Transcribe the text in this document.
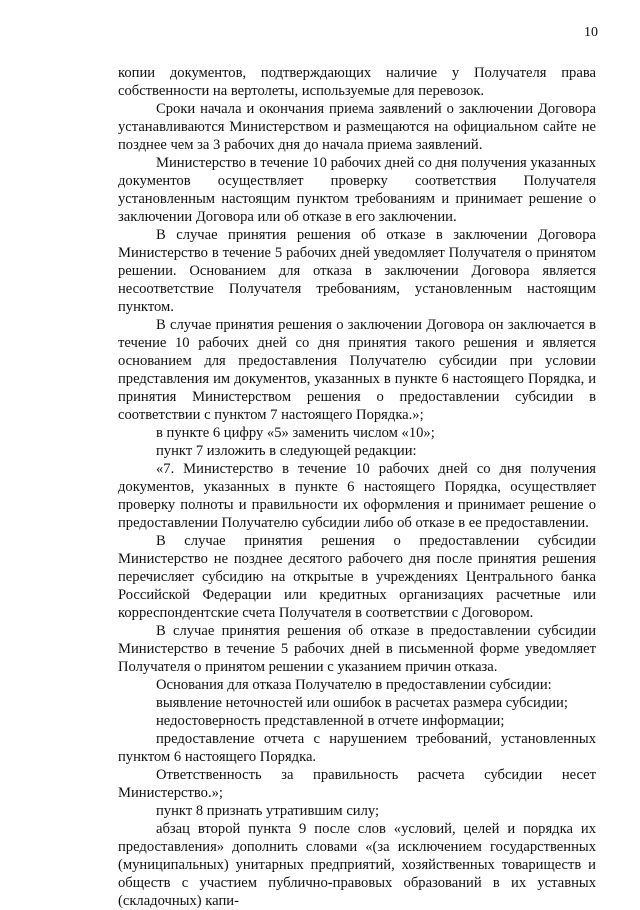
10

копии документов, подтверждающих наличие у Получателя права собственности на вертолеты, используемые для перевозок.

Сроки начала и окончания приема заявлений о заключении Договора устанавливаются Министерством и размещаются на официальном сайте не позднее чем за 3 рабочих дня до начала приема заявлений.

Министерство в течение 10 рабочих дней со дня получения указанных документов осуществляет проверку соответствия Получателя установленным настоящим пунктом требованиям и принимает решение о заключении Договора или об отказе в его заключении.

В случае принятия решения об отказе в заключении Договора Министерство в течение 5 рабочих дней уведомляет Получателя о принятом решении. Основанием для отказа в заключении Договора является несоответствие Получателя требованиям, установленным настоящим пунктом.

В случае принятия решения о заключении Договора он заключается в течение 10 рабочих дней со дня принятия такого решения и является основанием для предоставления Получателю субсидии при условии представления им документов, указанных в пункте 6 настоящего Порядка, и принятия Министерством решения о предоставлении субсидии в соответствии с пунктом 7 настоящего Порядка.»;

в пункте 6 цифру «5» заменить числом «10»;

пункт 7 изложить в следующей редакции:

«7. Министерство в течение 10 рабочих дней со дня получения документов, указанных в пункте 6 настоящего Порядка, осуществляет проверку полноты и правильности их оформления и принимает решение о предоставлении Получателю субсидии либо об отказе в ее предоставлении.

В случае принятия решения о предоставлении субсидии Министерство не позднее десятого рабочего дня после принятия решения перечисляет субсидию на открытые в учреждениях Центрального банка Российской Федерации или кредитных организациях расчетные или корреспондентские счета Получателя в соответствии с Договором.

В случае принятия решения об отказе в предоставлении субсидии Министерство в течение 5 рабочих дней в письменной форме уведомляет Получателя о принятом решении с указанием причин отказа.

Основания для отказа Получателю в предоставлении субсидии:

выявление неточностей или ошибок в расчетах размера субсидии;

недостоверность представленной в отчете информации;

предоставление отчета с нарушением требований, установленных пунктом 6 настоящего Порядка.

Ответственность за правильность расчета субсидии несет Министерство.»;

пункт 8 признать утратившим силу;

абзац второй пункта 9 после слов «условий, целей и порядка их предоставления» дополнить словами «(за исключением государственных (муниципальных) унитарных предприятий, хозяйственных товариществ и обществ с участием публично-правовых образований в их уставных (складочных) капи-
